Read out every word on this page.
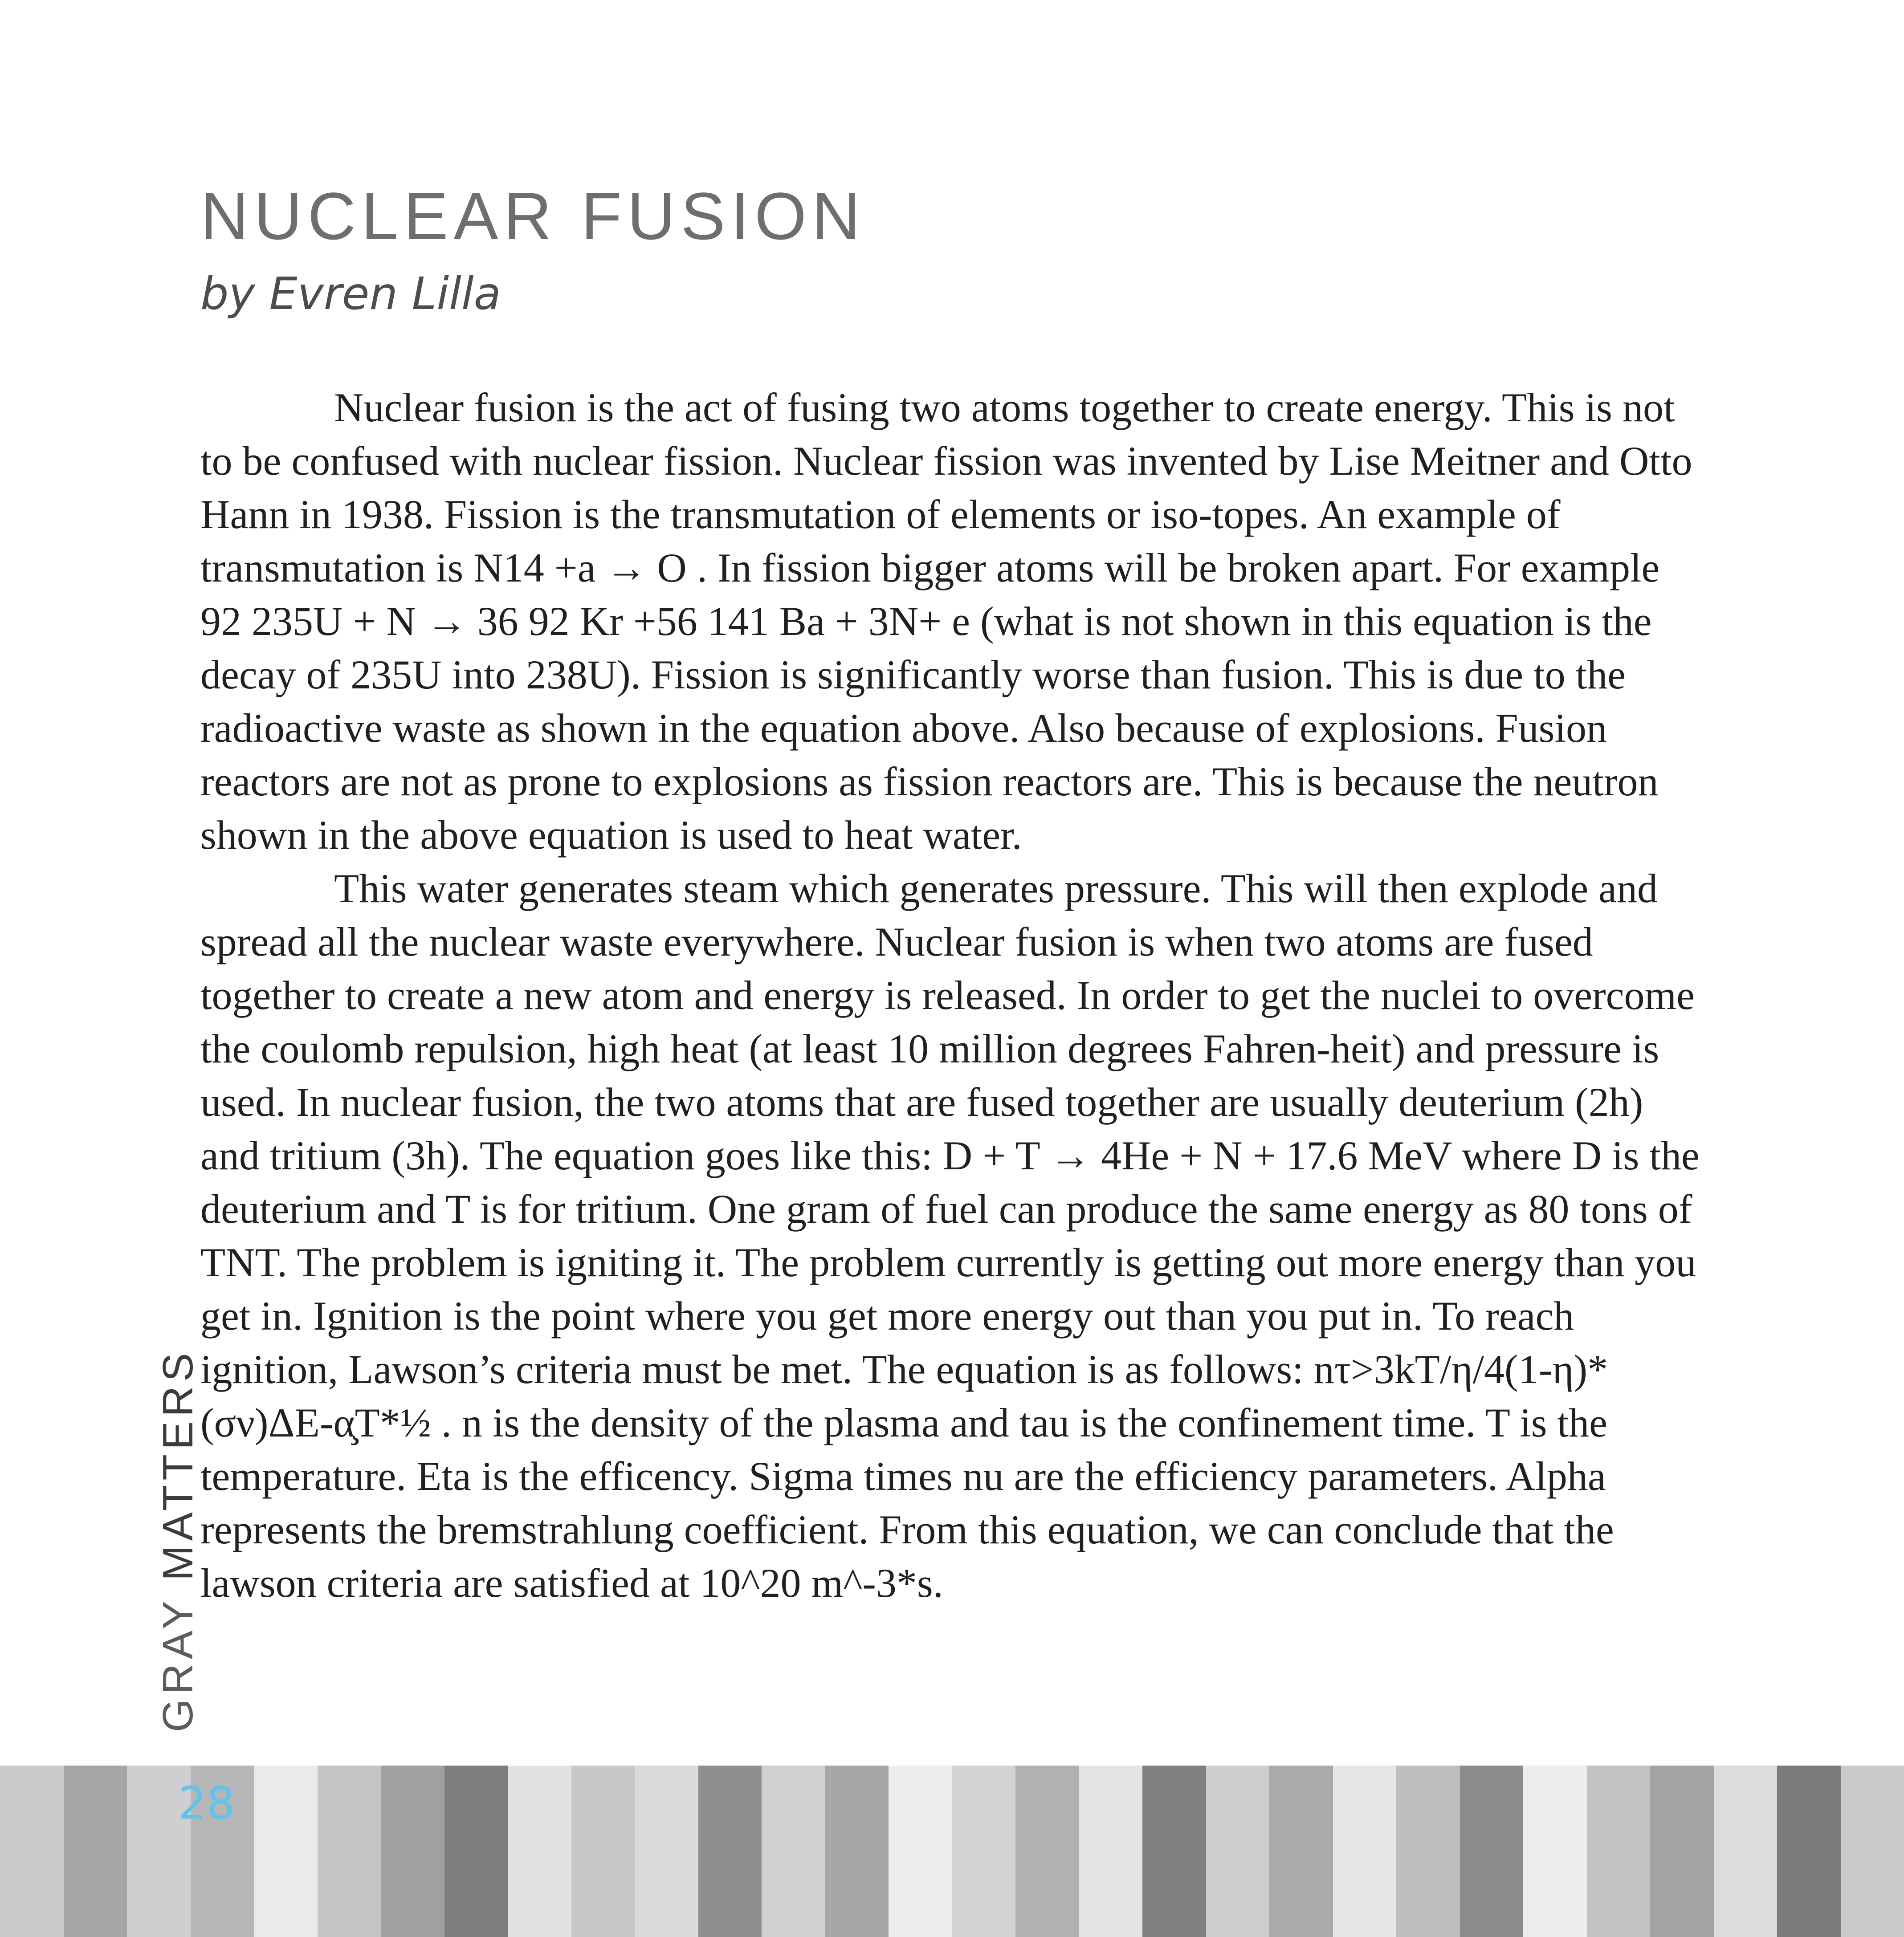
NUCLEAR FUSION
by Evren Lilla

Nuclear fusion is the act of fusing two atoms together to create energy. This is not to be confused with nuclear fission. Nuclear fission was invented by Lise Meitner and Otto Hann in 1938. Fission is the transmutation of elements or iso-topes. An example of transmutation is N14 +a → O . In fission bigger atoms will be broken apart. For example 92 235U + N → 36 92 Kr +56 141 Ba + 3N+ e (what is not shown in this equation is the decay of 235U into 238U). Fission is significantly worse than fusion. This is due to the radioactive waste as shown in the equation above. Also because of explosions. Fusion reactors are not as prone to explosions as fission reactors are. This is because the neutron shown in the above equation is used to heat water.

This water generates steam which generates pressure. This will then explode and spread all the nuclear waste everywhere. Nuclear fusion is when two atoms are fused together to create a new atom and energy is released. In order to get the nuclei to overcome the coulomb repulsion, high heat (at least 10 million degrees Fahren-heit) and pressure is used. In nuclear fusion, the two atoms that are fused together are usually deuterium (2h) and tritium (3h). The equation goes like this: D + T → 4He + N + 17.6 MeV where D is the deuterium and T is for tritium. One gram of fuel can produce the same energy as 80 tons of TNT. The problem is igniting it. The problem currently is getting out more energy than you get in. Ignition is the point where you get more energy out than you put in. To reach ignition, Lawson’s criteria must be met. The equation is as follows: nτ>3kT/η/4(1-η)*(σν)ΔE-α̧T*½ . n is the density of the plasma and tau is the confinement time. T is the temperature. Eta is the efficency. Sigma times nu are the efficiency parameters. Alpha represents the bremstrahlung coefficient. From this equation, we can conclude that the lawson criteria are satisfied at 10^20 m^-3*s.

GRAY MATTERS
28
